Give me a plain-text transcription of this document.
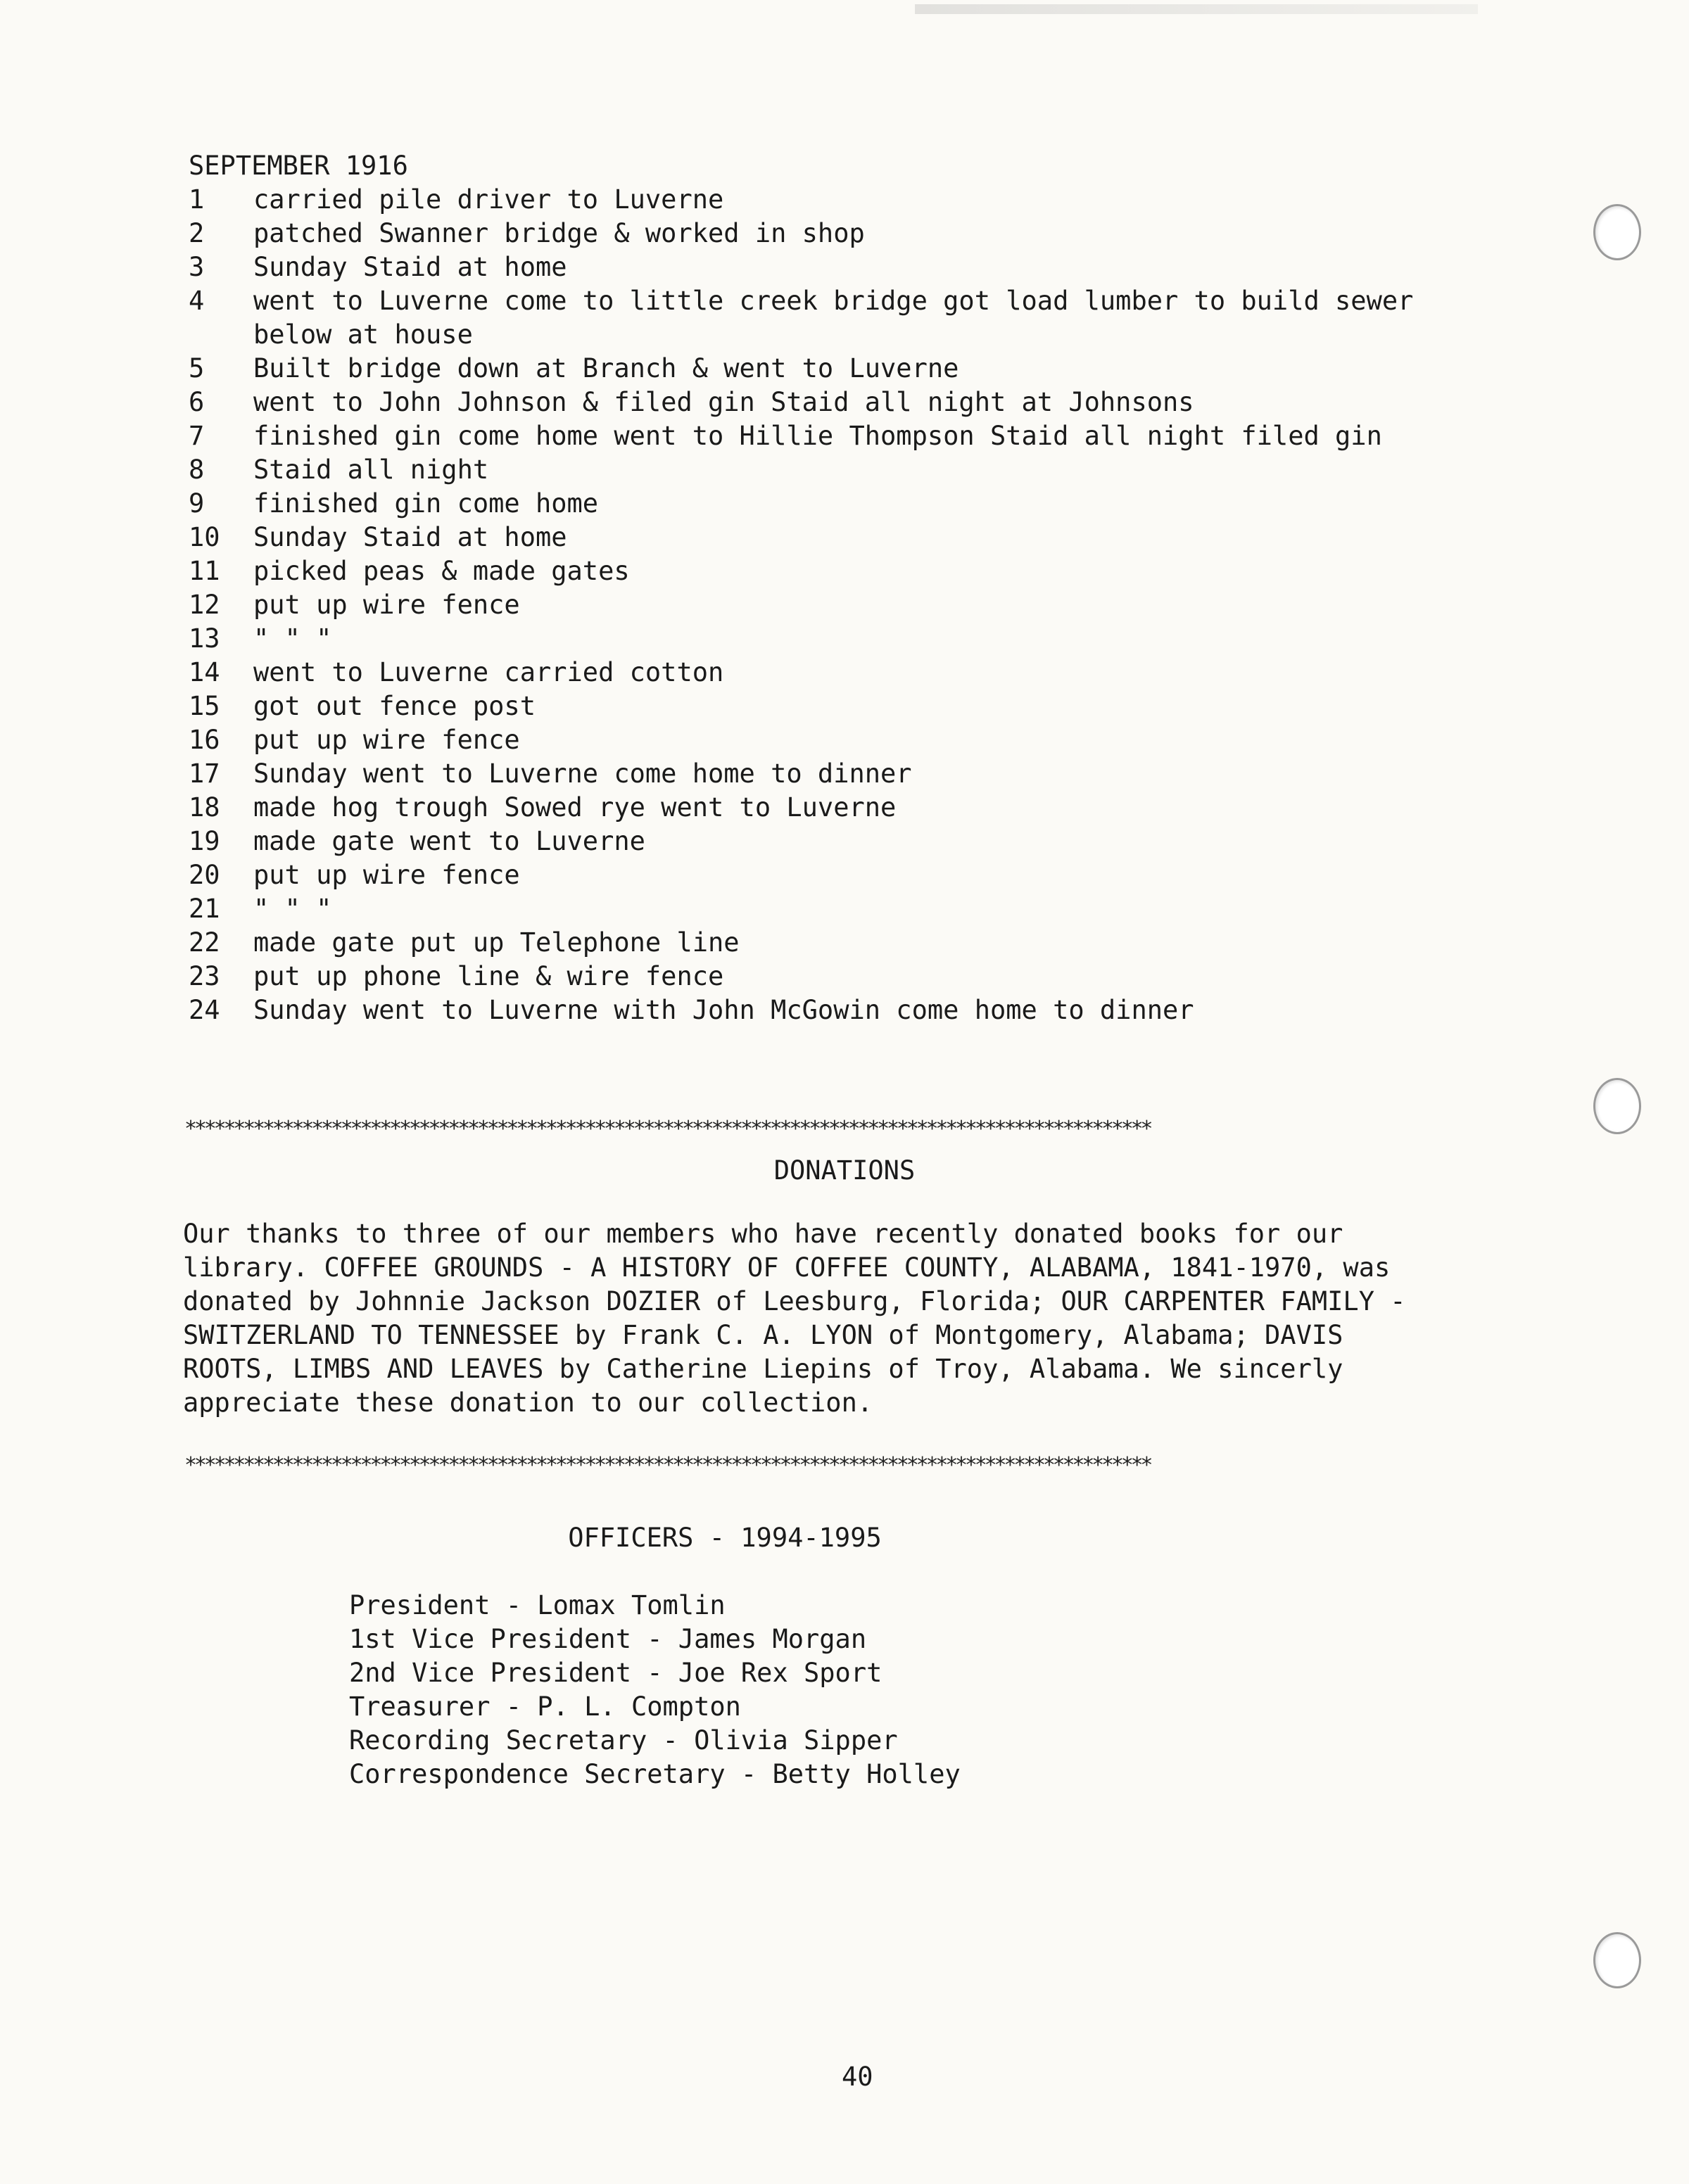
SEPTEMBER 1916
1	carried pile driver to Luverne
2	patched Swanner bridge & worked in shop
3	Sunday Staid at home
4	went to Luverne come to little creek bridge got load lumber to build sewer
below at house
5	Built bridge down at Branch & went to Luverne
6	went to John Johnson & filed gin Staid all night at Johnsons
7	finished gin come home went to Hillie Thompson Staid all night filed gin
8	Staid all night
9	finished gin come home
10	Sunday Staid at home
11	picked peas & made gates
12	put up wire fence
13	" " "
14	went to Luverne carried cotton
15	got out fence post
16	put up wire fence
17	Sunday went to Luverne come home to dinner
18	made hog trough Sowed rye went to Luverne
19	made gate went to Luverne
20	put up wire fence
21	" " "
22	made gate put up Telephone line
23	put up phone line & wire fence
24	Sunday went to Luverne with John McGowin come home to dinner
***************************************************************************************************
DONATIONS
Our thanks to three of our members who have recently donated books for our
library. COFFEE GROUNDS - A HISTORY OF COFFEE COUNTY, ALABAMA, 1841-1970, was
donated by Johnnie Jackson DOZIER of Leesburg, Florida; OUR CARPENTER FAMILY -
SWITZERLAND TO TENNESSEE by Frank C. A. LYON of Montgomery, Alabama; DAVIS
ROOTS, LIMBS AND LEAVES by Catherine Liepins of Troy, Alabama. We sincerly
appreciate these donation to our collection.
***************************************************************************************************
OFFICERS - 1994-1995
President - Lomax Tomlin
1st Vice President - James Morgan
2nd Vice President - Joe Rex Sport
Treasurer - P. L. Compton
Recording Secretary - Olivia Sipper
Correspondence Secretary - Betty Holley
40
